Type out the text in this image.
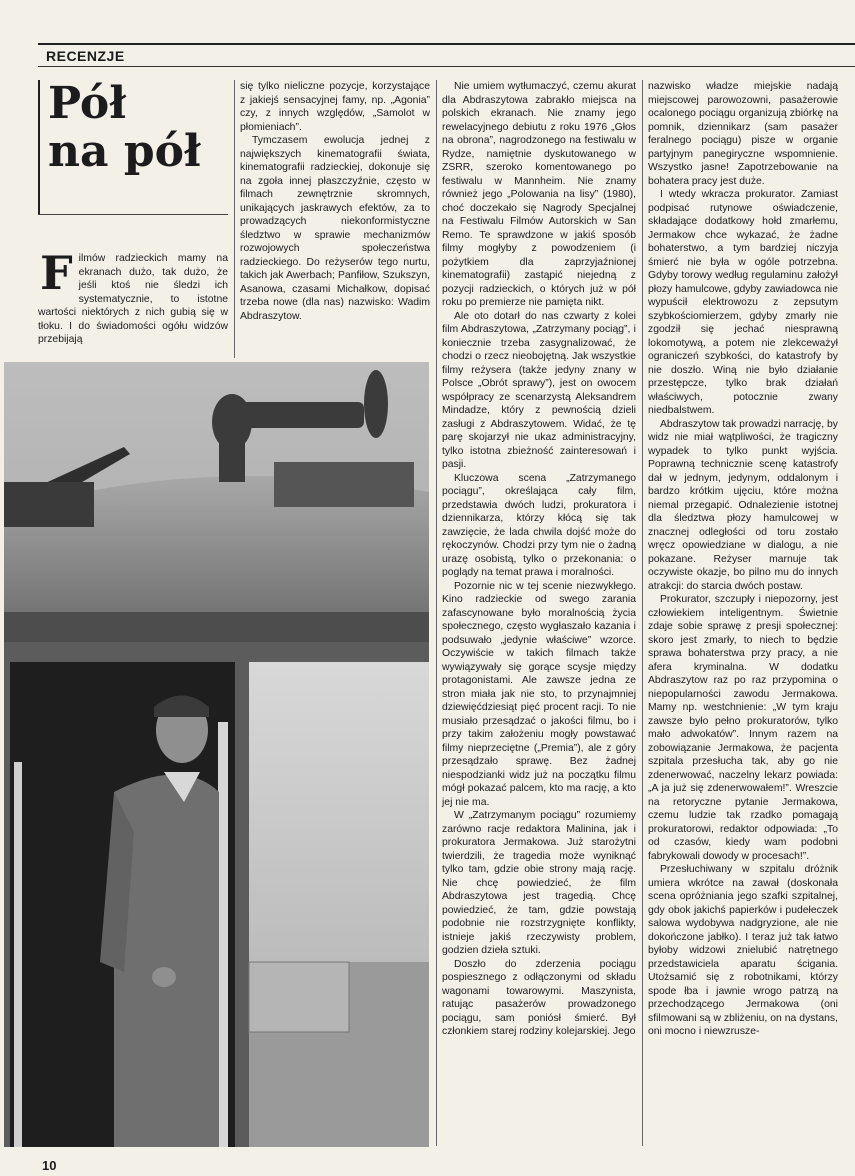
RECENZJE
Pół
na pół
F ilmów radzieckich mamy na ekranach dużo, tak dużo, że jeśli ktoś nie śledzi ich systematycznie, to istotne wartości niektórych z nich gubią się w tłoku. I do świadomości ogółu widzów przebijają

się tylko nieliczne pozycje, korzystające z jakiejś sensacyjnej famy, np. „Agonia” czy, z innych względów, „Samolot w płomieniach”.

Tymczasem ewolucja jednej z największych kinematografii świata, kinematografii radzieckiej, dokonuje się na zgoła innej płaszczyźnie, często w filmach zewnętrznie skromnych, unikających jaskrawych efektów, za to prowadzących niekonformistyczne śledztwo w sprawie mechanizmów rozwojowych społeczeństwa radzieckiego. Do reżyserów tego nurtu, takich jak Awerbach; Panfiłow, Szukszyn, Asanowa, czasami Michałkow, dopisać trzeba nowe (dla nas) nazwisko: Wadim Abdraszytow.

Nie umiem wytłumaczyć, czemu akurat dla Abdraszytowa zabrakło miejsca na polskich ekranach. Nie znamy jego rewelacyjnego debiutu z roku 1976 „Głos na obrona”, nagrodzonego na festiwalu w Rydze, namiętnie dyskutowanego w ZSRR, szeroko komentowanego po festiwalu w Mannheim. Nie znamy również jego „Polowania na lisy” (1980), choć doczekało się Nagrody Specjalnej na Festiwalu Filmów Autorskich w San Remo. Te sprawdzone w jakiś sposób filmy mogłyby z powodzeniem (i pożytkiem dla zaprzyjaźnionej kinematografii) zastąpić niejedną z pozycji radzieckich, o których już w pół roku po premierze nie pamięta nikt.

Ale oto dotarł do nas czwarty z kolei film Abdraszytowa, „Zatrzymany pociąg”, i koniecznie trzeba zasygnalizować, że chodzi o rzecz nieobojętną. Jak wszystkie filmy reżysera (także jedyny znany w Polsce „Obrót sprawy”), jest on owocem współpracy ze scenarzystą Aleksandrem Mindadze, który z pewnością dzieli zasługi z Abdraszytowem. Widać, że tę parę skojarzył nie ukaz administracyjny, tylko istotna zbieżność zainteresowań i pasji.

Kluczowa scena „Zatrzymanego pociągu”, określająca cały film, przedstawia dwóch ludzi, prokuratora i dziennikarza, którzy kłócą się tak zawzięcie, że lada chwila dojść może do rękoczynów. Chodzi przy tym nie o żadną urazę osobistą, tylko o przekonania: o poglądy na temat prawa i moralności.

Pozornie nic w tej scenie niezwykłego. Kino radzieckie od swego zarania zafascynowane było moralnością życia społecznego, często wygłaszało kazania i podsuwało „jedynie właściwe” wzorce. Oczywiście w takich filmach także wywiązywały się gorące scysje między protagonistami. Ale zawsze jedna ze stron miała jak nie sto, to przynajmniej dziewięćdziesiąt pięć procent racji. To nie musiało przesądzać o jakości filmu, bo i przy takim założeniu mogły powstawać filmy nieprzeciętne („Premia”), ale z góry przesądzało sprawę. Bez żadnej niespodzianki widz już na początku filmu mógł pokazać palcem, kto ma rację, a kto jej nie ma.

W „Zatrzymanym pociągu” rozumiemy zarówno racje redaktora Malinina, jak i prokuratora Jermakowa. Już starożytni twierdzili, że tragedia może wyniknąć tylko tam, gdzie obie strony mają rację. Nie chcę powiedzieć, że film Abdraszytowa jest tragedią. Chcę powiedzieć, że tam, gdzie powstają podobnie nie rozstrzygnięte konflikty, istnieje jakiś rzeczywisty problem, godzien dzieła sztuki.

Doszło do zderzenia pociągu pospiesznego z odłączonymi od składu wagonami towarowymi. Maszynista, ratując pasażerów prowadzonego pociągu, sam poniósł śmierć. Był członkiem starej rodziny kolejarskiej. Jego

nazwisko władze miejskie nadają miejscowej parowozowni, pasażerowie ocalonego pociągu organizują zbiórkę na pomnik, dziennikarz (sam pasażer feralnego pociągu) pisze w organie partyjnym panegiryczne wspomnienie. Wszystko jasne! Zapotrzebowanie na bohatera pracy jest duże.

I wtedy wkracza prokurator. Zamiast podpisać rutynowe oświadczenie, składające dodatkowy hołd zmarłemu, Jermakow chce wykazać, że żadne bohaterstwo, a tym bardziej niczyja śmierć nie była w ogóle potrzebna. Gdyby torowy według regulaminu założył płozy hamulcowe, gdyby zawiadowca nie wypuścił elektrowozu z zepsutym szybkościomierzem, gdyby zmarły nie zgodził się jechać niesprawną lokomotywą, a potem nie zlekceważył ograniczeń szybkości, do katastrofy by nie doszło. Winą nie było działanie przestępcze, tylko brak działań właściwych, potocznie zwany niedbalstwem.

Abdraszytow tak prowadzi narrację, by widz nie miał wątpliwości, że tragiczny wypadek to tylko punkt wyjścia. Poprawną technicznie scenę katastrofy dał w jednym, jedynym, oddalonym i bardzo krótkim ujęciu, które można niemal przegapić. Odnalezienie istotnej dla śledztwa płozy hamulcowej w znacznej odległości od toru zostało wręcz opowiedziane w dialogu, a nie pokazane. Reżyser marnuje tak oczywiste okazje, bo pilno mu do innych atrakcji: do starcia dwóch postaw.

Prokurator, szczupły i niepozorny, jest człowiekiem inteligentnym. Świetnie zdaje sobie sprawę z presji społecznej: skoro jest zmarły, to niech to będzie sprawa bohaterstwa przy pracy, a nie afera kryminalna. W dodatku Abdraszytow raz po raz przypomina o niepopularności zawodu Jermakowa. Mamy np. westchnienie: „W tym kraju zawsze było pełno prokuratorów, tylko mało adwokatów”. Innym razem na zobowiązanie Jermakowa, że pacjenta szpitala przesłucha tak, aby go nie zdenerwować, naczelny lekarz powiada: „A ja już się zdenerwowałem!”. Wreszcie na retoryczne pytanie Jermakowa, czemu ludzie tak rzadko pomagają prokuratorowi, redaktor odpowiada: „To od czasów, kiedy wam podobni fabrykowali dowody w procesach!”.

Przesłuchiwany w szpitalu dróżnik umiera wkrótce na zawał (doskonała scena opróżniania jego szafki szpitalnej, gdy obok jakichś papierków i pudełeczek salowa wydobywa nadgryzione, ale nie dokończone jabłko). I teraz już tak łatwo byłoby widzowi znielubić natrętnego przedstawiciela aparatu ścigania. Utożsamić się z robotnikami, którzy spode łba i jawnie wrogo patrzą na przechodzącego Jermakowa (oni sfilmowani są w zbliżeniu, on na dystans, oni mocno i niewzrusze-

10
